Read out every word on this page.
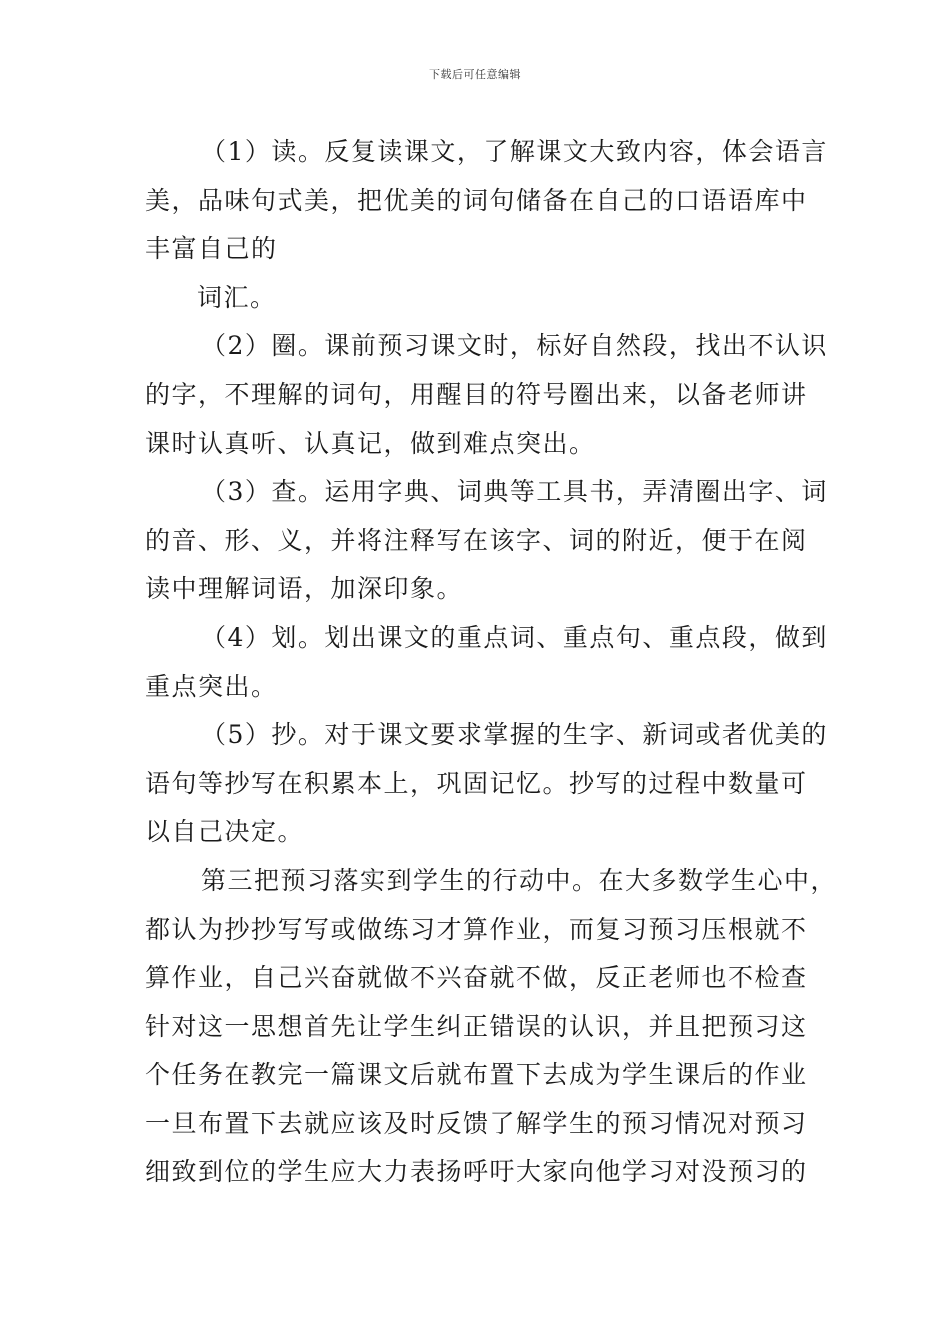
下载后可任意编辑
（1）读。反复读课文，了解课文大致内容，体会语言
美，品味句式美，把优美的词句储备在自己的口语语库中
丰富自己的
词汇。
（2）圈。课前预习课文时，标好自然段，找出不认识
的字，不理解的词句，用醒目的符号圈出来，以备老师讲
课时认真听、认真记，做到难点突出。
（3）查。运用字典、词典等工具书，弄清圈出字、词
的音、形、义，并将注释写在该字、词的附近，便于在阅
读中理解词语，加深印象。
（4）划。划出课文的重点词、重点句、重点段，做到
重点突出。
（5）抄。对于课文要求掌握的生字、新词或者优美的
语句等抄写在积累本上，巩固记忆。抄写的过程中数量可
以自己决定。
第三把预习落实到学生的行动中。在大多数学生心中，
都认为抄抄写写或做练习才算作业，而复习预习压根就不
算作业，自己兴奋就做不兴奋就不做，反正老师也不检查
针对这一思想首先让学生纠正错误的认识，并且把预习这
个任务在教完一篇课文后就布置下去成为学生课后的作业
一旦布置下去就应该及时反馈了解学生的预习情况对预习
细致到位的学生应大力表扬呼吁大家向他学习对没预习的
